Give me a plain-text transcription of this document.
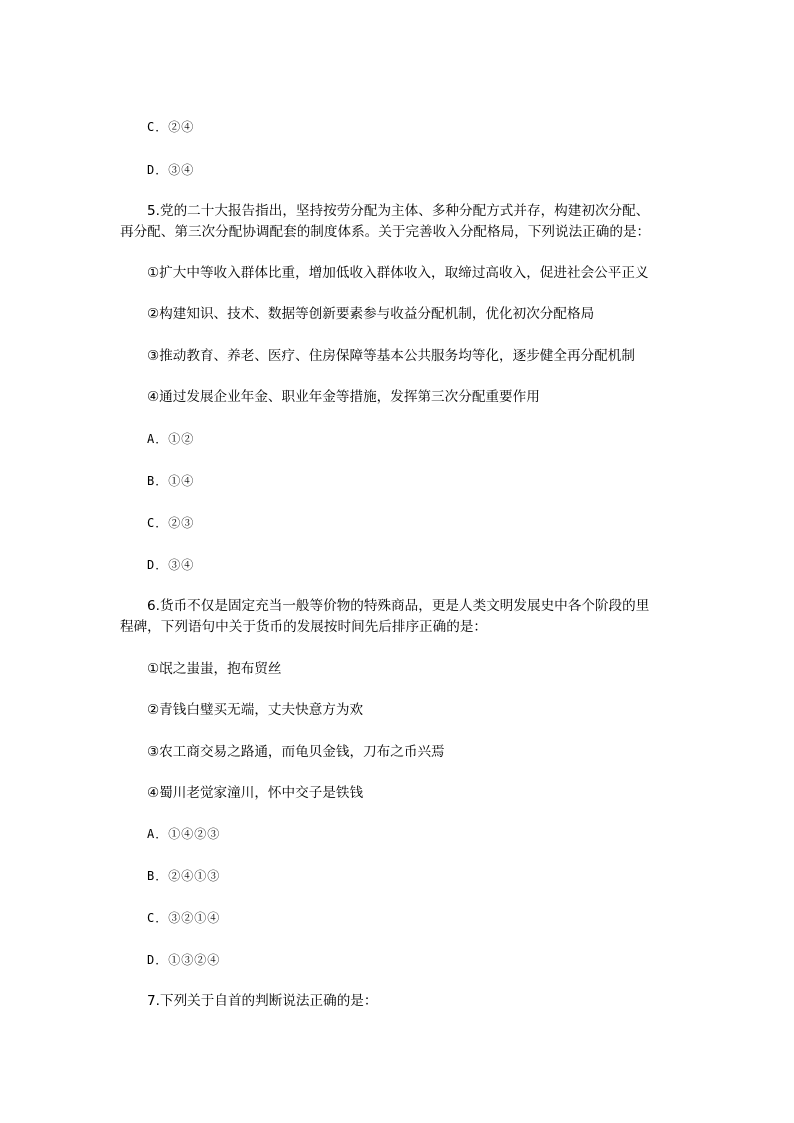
C．②④
D．③④
5.党的二十大报告指出，坚持按劳分配为主体、多种分配方式并存，构建初次分配、
再分配、第三次分配协调配套的制度体系。关于完善收入分配格局，下列说法正确的是：
①扩大中等收入群体比重，增加低收入群体收入，取缔过高收入，促进社会公平正义
②构建知识、技术、数据等创新要素参与收益分配机制，优化初次分配格局
③推动教育、养老、医疗、住房保障等基本公共服务均等化，逐步健全再分配机制
④通过发展企业年金、职业年金等措施，发挥第三次分配重要作用
A．①②
B．①④
C．②③
D．③④
6.货币不仅是固定充当一般等价物的特殊商品，更是人类文明发展史中各个阶段的里
程碑，下列语句中关于货币的发展按时间先后排序正确的是：
①氓之蚩蚩，抱布贸丝
②青钱白璧买无端，丈夫快意方为欢
③农工商交易之路通，而龟贝金钱，刀布之币兴焉
④蜀川老觉家潼川，怀中交子是铁钱
A．①④②③
B．②④①③
C．③②①④
D．①③②④
7.下列关于自首的判断说法正确的是：
